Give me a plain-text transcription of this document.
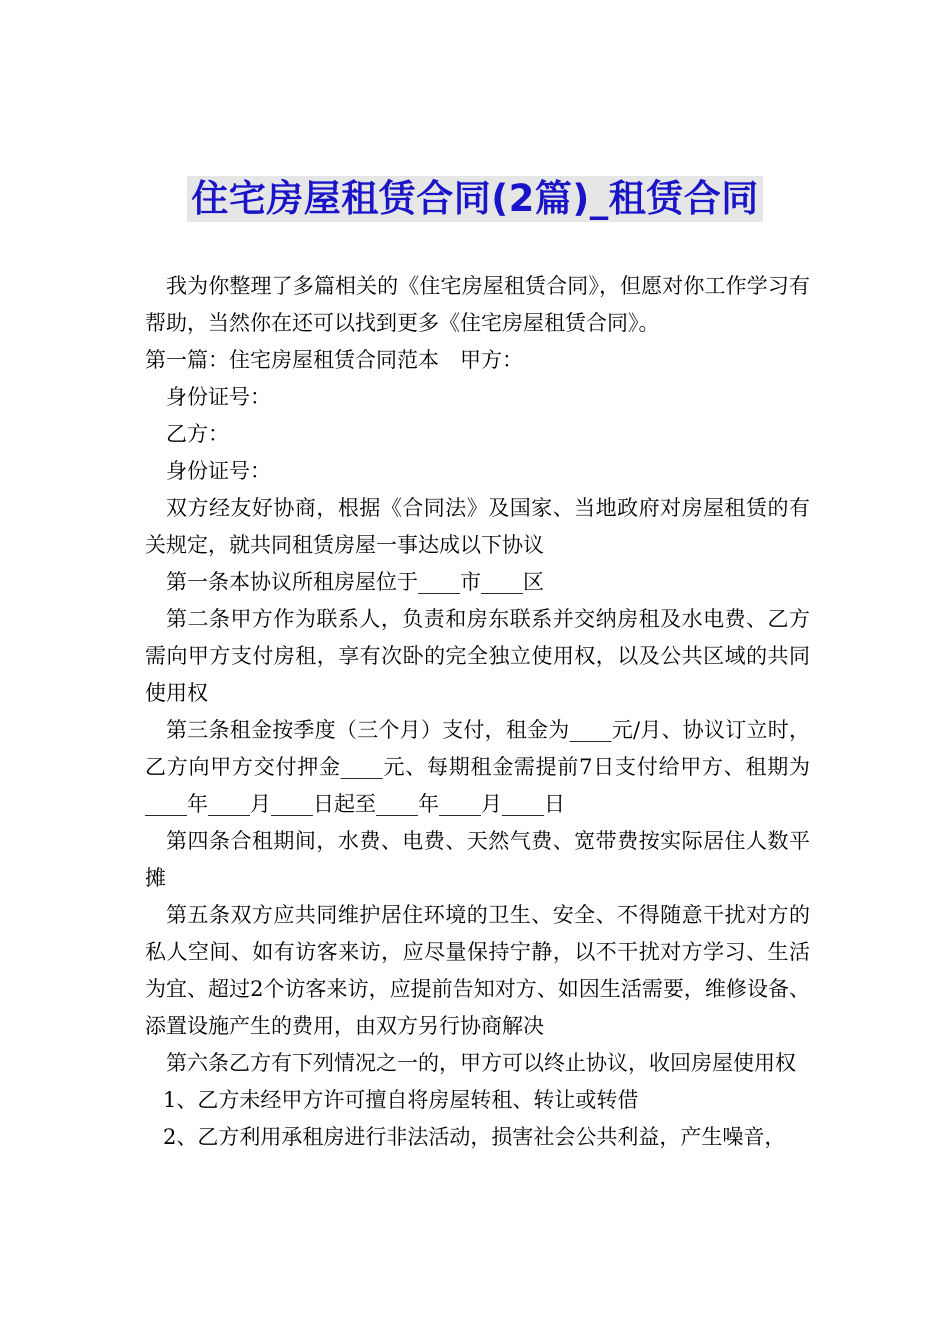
住宅房屋租赁合同(2篇)_租赁合同

我为你整理了多篇相关的《住宅房屋租赁合同》，但愿对你工作学习有帮助，当然你在还可以找到更多《住宅房屋租赁合同》。

第一篇：住宅房屋租赁合同范本　甲方：

身份证号：

乙方：

身份证号：

双方经友好协商，根据《合同法》及国家、当地政府对房屋租赁的有关规定，就共同租赁房屋一事达成以下协议

第一条本协议所租房屋位于____市____区

第二条甲方作为联系人，负责和房东联系并交纳房租及水电费、乙方需向甲方支付房租，享有次卧的完全独立使用权，以及公共区域的共同使用权

第三条租金按季度（三个月）支付，租金为____元/月、协议订立时，乙方向甲方交付押金____元、每期租金需提前7日支付给甲方、租期为____年____月____日起至____年____月____日

第四条合租期间，水费、电费、天然气费、宽带费按实际居住人数平摊

第五条双方应共同维护居住环境的卫生、安全、不得随意干扰对方的私人空间、如有访客来访，应尽量保持宁静，以不干扰对方学习、生活为宜、超过2个访客来访，应提前告知对方、如因生活需要，维修设备、添置设施产生的费用，由双方另行协商解决

第六条乙方有下列情况之一的，甲方可以终止协议，收回房屋使用权

1、乙方未经甲方许可擅自将房屋转租、转让或转借

2、乙方利用承租房进行非法活动，损害社会公共利益，产生噪音，
